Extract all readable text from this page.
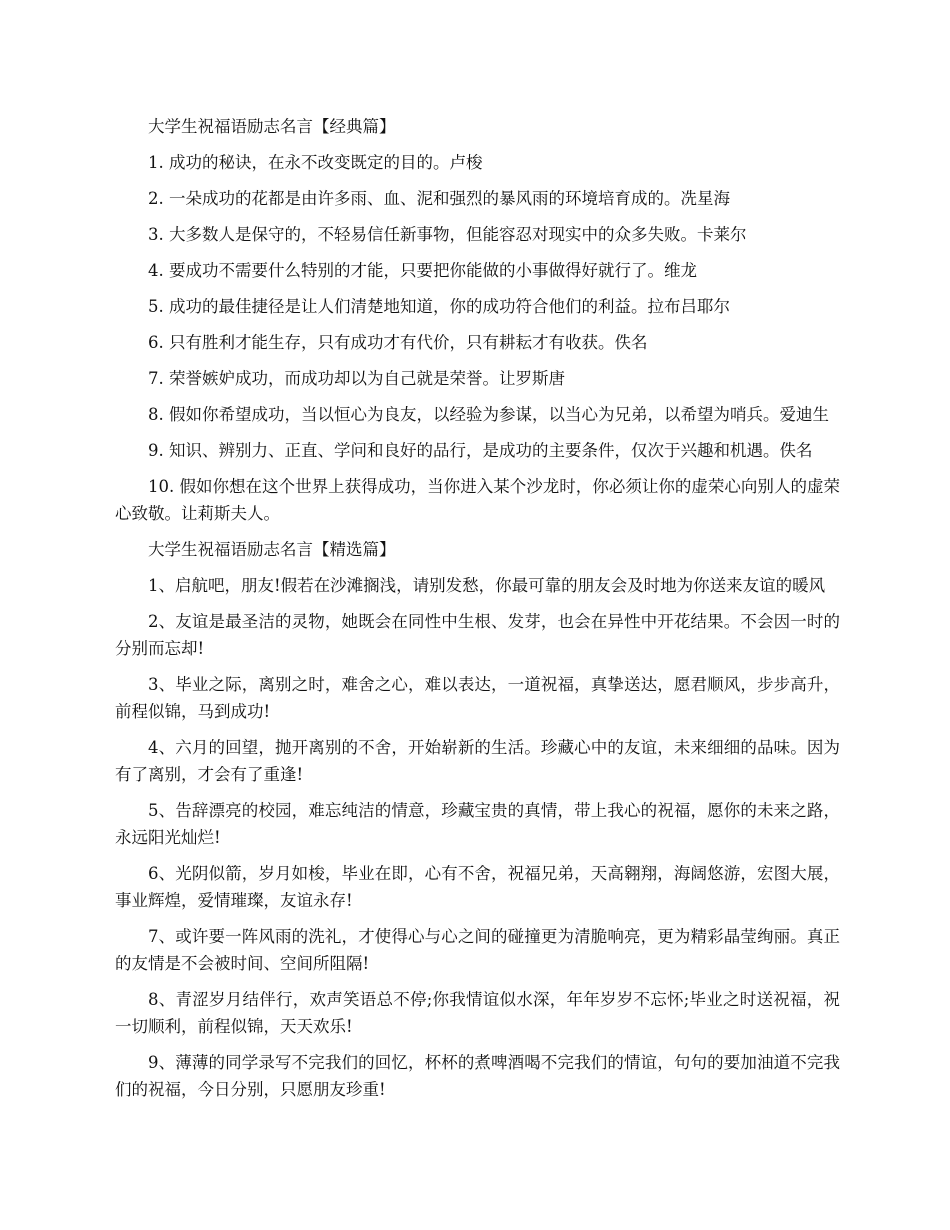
大学生祝福语励志名言【经典篇】

1. 成功的秘诀，在永不改变既定的目的。卢梭

2. 一朵成功的花都是由许多雨、血、泥和强烈的暴风雨的环境培育成的。冼星海

3. 大多数人是保守的，不轻易信任新事物，但能容忍对现实中的众多失败。卡莱尔

4. 要成功不需要什么特别的才能，只要把你能做的小事做得好就行了。维龙

5. 成功的最佳捷径是让人们清楚地知道，你的成功符合他们的利益。拉布吕耶尔

6. 只有胜利才能生存，只有成功才有代价，只有耕耘才有收获。佚名

7. 荣誉嫉妒成功，而成功却以为自己就是荣誉。让罗斯唐

8. 假如你希望成功，当以恒心为良友，以经验为参谋，以当心为兄弟，以希望为哨兵。爱迪生

9. 知识、辨别力、正直、学问和良好的品行，是成功的主要条件，仅次于兴趣和机遇。佚名

10. 假如你想在这个世界上获得成功，当你进入某个沙龙时，你必须让你的虚荣心向别人的虚荣心致敬。让莉斯夫人。

大学生祝福语励志名言【精选篇】

1、启航吧，朋友!假若在沙滩搁浅，请别发愁，你最可靠的朋友会及时地为你送来友谊的暖风

2、友谊是最圣洁的灵物，她既会在同性中生根、发芽，也会在异性中开花结果。不会因一时的分别而忘却!

3、毕业之际，离别之时，难舍之心，难以表达，一道祝福，真挚送达，愿君顺风，步步高升，前程似锦，马到成功!

4、六月的回望，抛开离别的不舍，开始崭新的生活。珍藏心中的友谊，未来细细的品味。因为有了离别，才会有了重逢!

5、告辞漂亮的校园，难忘纯洁的情意，珍藏宝贵的真情，带上我心的祝福，愿你的未来之路，永远阳光灿烂!

6、光阴似箭，岁月如梭，毕业在即，心有不舍，祝福兄弟，天高翱翔，海阔悠游，宏图大展，事业辉煌，爱情璀璨，友谊永存!

7、或许要一阵风雨的洗礼，才使得心与心之间的碰撞更为清脆响亮，更为精彩晶莹绚丽。真正的友情是不会被时间、空间所阻隔!

8、青涩岁月结伴行，欢声笑语总不停;你我情谊似水深，年年岁岁不忘怀;毕业之时送祝福，祝一切顺利，前程似锦，天天欢乐!

9、薄薄的同学录写不完我们的回忆，杯杯的煮啤酒喝不完我们的情谊，句句的要加油道不完我们的祝福，今日分别，只愿朋友珍重!
